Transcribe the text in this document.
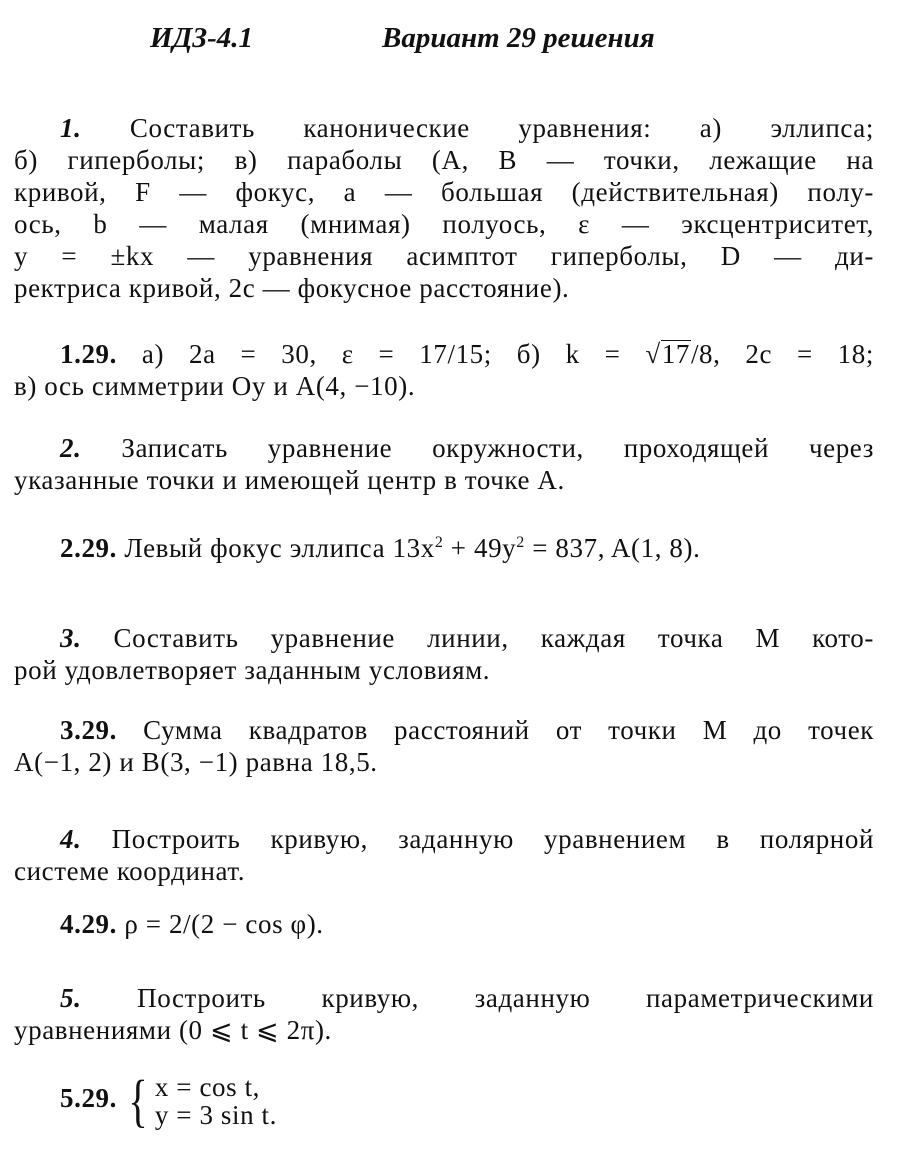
ИДЗ-4.1	Вариант 29 решения
1. Составить канонические уравнения: а) эллипса;
б) гиперболы; в) параболы (A, B — точки, лежащие на
кривой, F — фокус, a — большая (действительная) полу-
ось, b — малая (мнимая) полуось, ε — эксцентриситет,
y = ±kx — уравнения асимптот гиперболы, D — ди-
ректриса кривой, 2c — фокусное расстояние).
1.29. а) 2a = 30, ε = 17/15; б) k = √17/8, 2c = 18;
в) ось симметрии Oy и A(4, −10).
2. Записать уравнение окружности, проходящей через
указанные точки и имеющей центр в точке A.
2.29. Левый фокус эллипса $13x^2 + 49y^2 = 837$, A(1, 8).
3. Составить уравнение линии, каждая точка M кото-
рой удовлетворяет заданным условиям.
3.29. Сумма квадратов расстояний от точки M до точек
A(−1, 2) и B(3, −1) равна 18,5.
4. Построить кривую, заданную уравнением в полярной
системе координат.
4.29. ρ = 2/(2 − cos φ).
5. Построить кривую, заданную параметрическими
уравнениями (0 ⩽ t ⩽ 2π).
5.29. { x = cos t,
y = 3 sin t.
